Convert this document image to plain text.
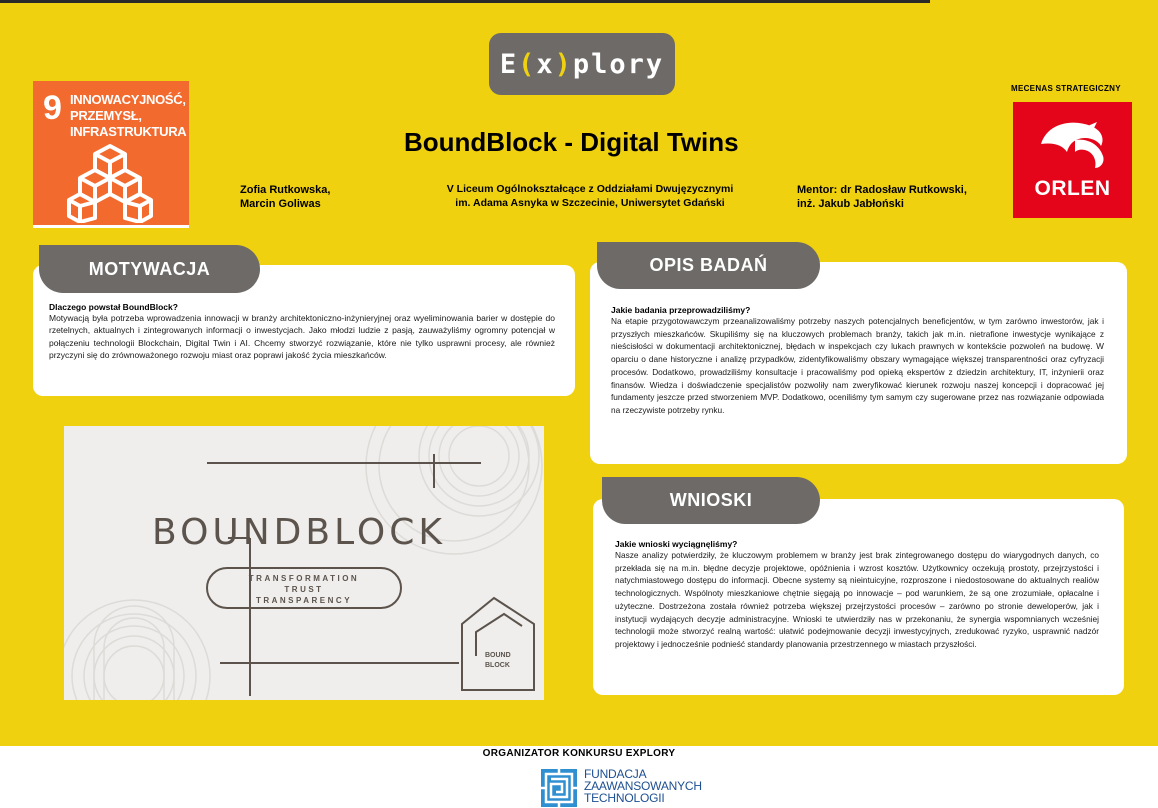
E ( x ) plory
9 INNOWACYJNOŚĆ,
PRZEMYSŁ,
INFRASTRUKTURA	BoundBlock - Digital Twins
Zofia Rutkowska,
Marcin Goliwas
V Liceum Ogólnokształcące z Oddziałami Dwujęzycznymi
im. Adama Asnyka w Szczecinie, Uniwersytet Gdański
Mentor: dr Radosław Rutkowski,
inż. Jakub Jabłoński
MECENAS STRATEGICZNY
ORLEN
Dlaczego powstał BoundBlock?
Motywacją była potrzeba wprowadzenia innowacji w branży architektoniczno-inżynieryjnej oraz wyeliminowania barier w dostępie do rzetelnych, aktualnych i zintegrowanych informacji o inwestycjach. Jako młodzi ludzie z pasją, zauważyliśmy ogromny potencjał w połączeniu technologii Blockchain, Digital Twin i AI. Chcemy stworzyć rozwiązanie, które nie tylko usprawni procesy, ale również przyczyni się do zrównoważonego rozwoju miast oraz poprawi jakość życia mieszkańców.
MOTYWACJA
Jakie badania przeprowadziliśmy?
Na etapie przygotowawczym przeanalizowaliśmy potrzeby naszych potencjalnych beneficjentów, w tym zarówno inwestorów, jak i przyszłych mieszkańców. Skupiliśmy się na kluczowych problemach branży, takich jak m.in. nietrafione inwestycje wynikające z nieścisłości w dokumentacji architektonicznej, błędach w inspekcjach czy lukach prawnych w kontekście pozwoleń na budowę. W oparciu o dane historyczne i analizę przypadków, zidentyfikowaliśmy obszary wymagające większej transparentności oraz cyfryzacji procesów. Dodatkowo, prowadziliśmy konsultacje i pracowaliśmy pod opieką ekspertów z dziedzin architektury, IT, inżynierii oraz finansów. Wiedza i doświadczenie specjalistów pozwoliły nam zweryfikować kierunek rozwoju naszej koncepcji i dopracować jej fundamenty jeszcze przed stworzeniem MVP. Dodatkowo, oceniliśmy tym samym czy sugerowane przez nas rozwiązanie odpowiada na rzeczywiste potrzeby rynku.
OPIS BADAŃ
Jakie wnioski wyciągnęliśmy?
Nasze analizy potwierdziły, że kluczowym problemem w branży jest brak zintegrowanego dostępu do wiarygodnych danych, co przekłada się na m.in. błędne decyzje projektowe, opóźnienia i wzrost kosztów. Użytkownicy oczekują prostoty, przejrzystości i natychmiastowego dostępu do informacji. Obecne systemy są nieintuicyjne, rozproszone i niedostosowane do aktualnych realiów technologicznych. Wspólnoty mieszkaniowe chętnie sięgają po innowacje – pod warunkiem, że są one zrozumiałe, opłacalne i użyteczne. Dostrzeżona została również potrzeba większej przejrzystości procesów – zarówno po stronie deweloperów, jak i instytucji wydających decyzje administracyjne. Wnioski te utwierdziły nas w przekonaniu, że synergia wspomnianych wcześniej technologii może stworzyć realną wartość: ułatwić podejmowanie decyzji inwestycyjnych, zredukować ryzyko, usprawnić nadzór projektowy i jednocześnie podnieść standardy planowania przestrzennego w miastach przyszłości.
WNIOSKI
BOUNDBLOCK
TRANSFORMATION
TRUST
TRANSPARENCY
BOUND
BLOCK
ORGANIZATOR KONKURSU EXPLORY
FUNDACJA
ZAAWANSOWANYCH
TECHNOLOGII
